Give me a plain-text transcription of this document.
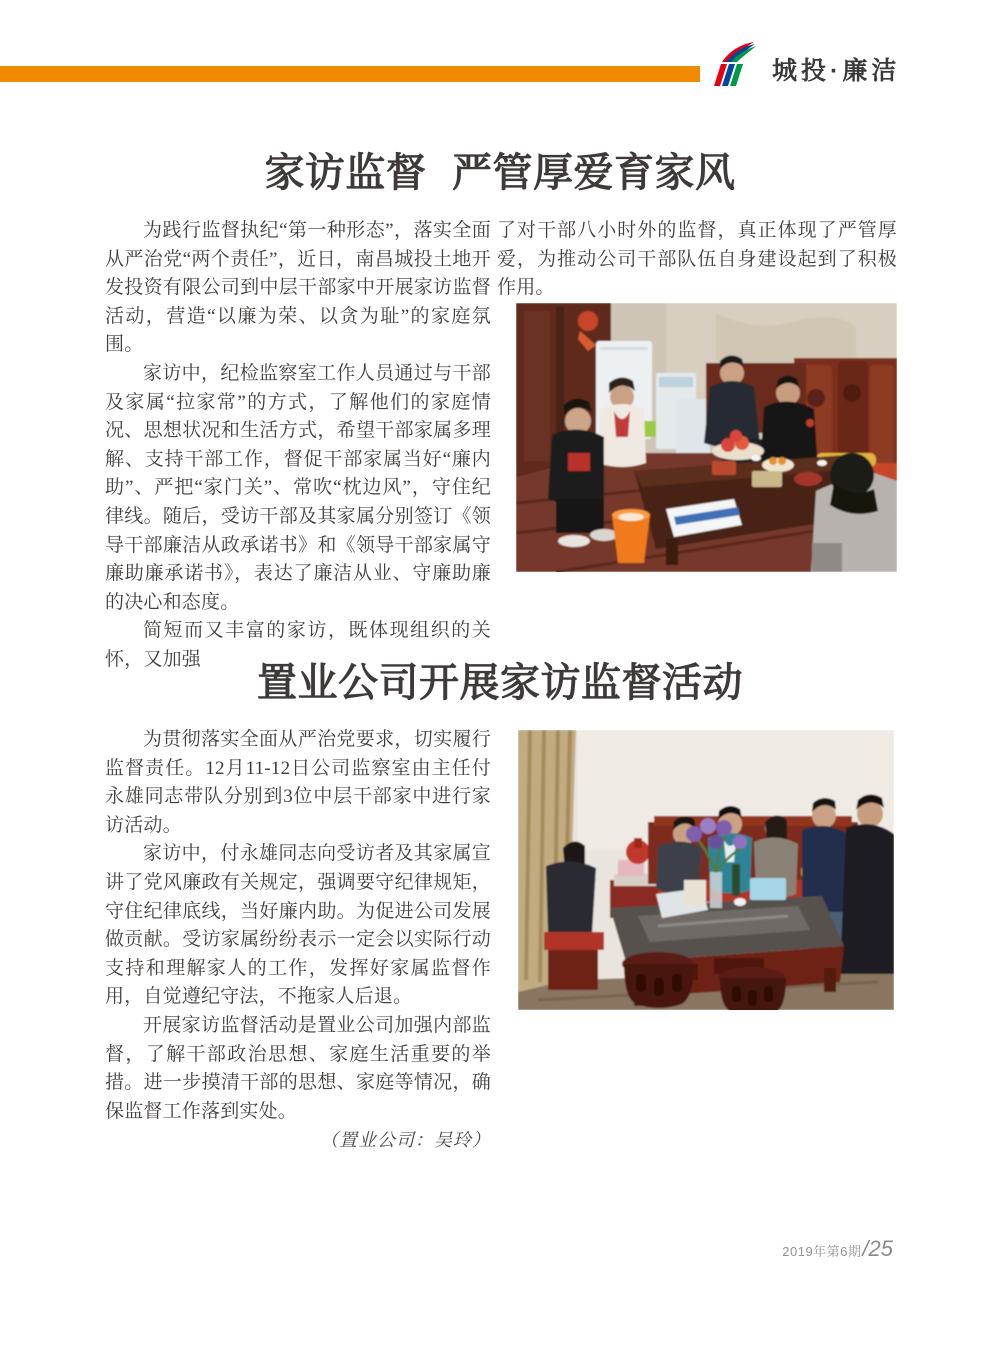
城投·廉洁
家访监督 严管厚爱育家风

为践行监督执纪“第一种形态”，落实全面从严治党“两个责任”，近日，南昌城投土地开发投资有限公司到中层干部家中开展家访监督活动，营造“以廉为荣、以贪为耻”的家庭氛围。

家访中，纪检监察室工作人员通过与干部及家属“拉家常”的方式，了解他们的家庭情况、思想状况和生活方式，希望干部家属多理解、支持干部工作，督促干部家属当好“廉内助”、严把“家门关”、常吹“枕边风”，守住纪律线。随后，受访干部及其家属分别签订《领导干部廉洁从政承诺书》和《领导干部家属守廉助廉承诺书》，表达了廉洁从业、守廉助廉的决心和态度。

简短而又丰富的家访，既体现组织的关怀，又加强

了对干部八小时外的监督，真正体现了严管厚爱，为推动公司干部队伍自身建设起到了积极作用。

置业公司开展家访监督活动

为贯彻落实全面从严治党要求，切实履行监督责任。12月11-12日公司监察室由主任付永雄同志带队分别到3位中层干部家中进行家访活动。

家访中，付永雄同志向受访者及其家属宣讲了党风廉政有关规定，强调要守纪律规矩，守住纪律底线，当好廉内助。为促进公司发展做贡献。受访家属纷纷表示一定会以实际行动支持和理解家人的工作，发挥好家属监督作用，自觉遵纪守法，不拖家人后退。

开展家访监督活动是置业公司加强内部监督，了解干部政治思想、家庭生活重要的举措。进一步摸清干部的思想、家庭等情况，确保监督工作落到实处。

（置业公司：吴玲）

2019年第6期 /25
